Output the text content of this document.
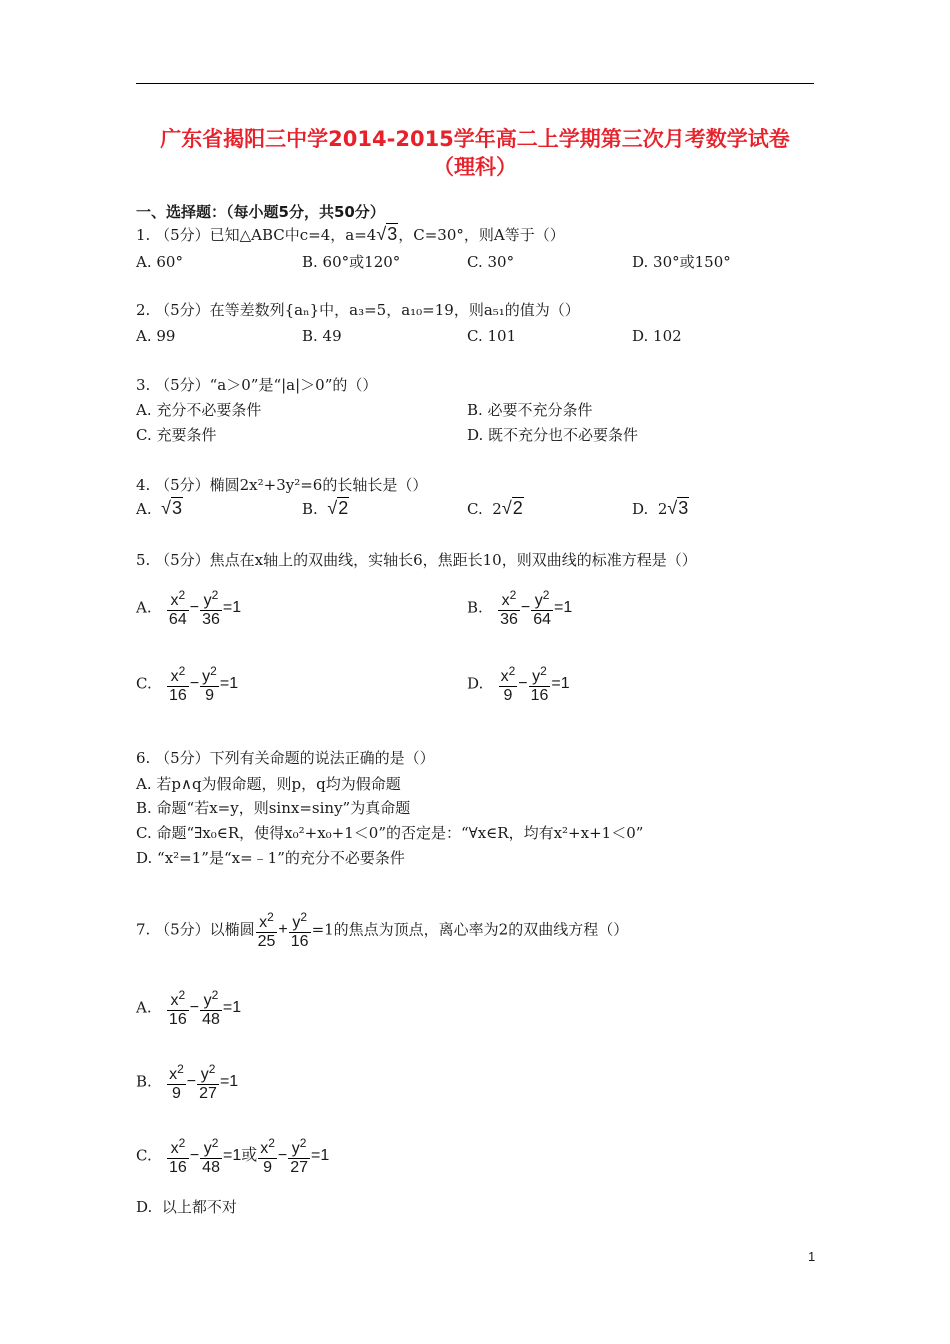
广东省揭阳三中学2014-2015学年高二上学期第三次月考数学试卷
（理科）
一、选择题：（每小题5分，共50分）
1. （5分）已知△ABC中c=4，a=4√3，C=30°，则A等于（）
A. 60°	B. 60°或120°	C. 30°	D. 30°或150°
2. （5分）在等差数列{aₙ}中，a₃=5，a₁₀=19，则a₅₁的值为（）
A. 99	B. 49	C. 101	D. 102
3. （5分）“a＞0”是“|a|＞0”的（）
A. 充分不必要条件	B. 必要不充分条件
C. 充要条件	D. 既不充分也不必要条件
4. （5分）椭圆2x²+3y²=6的长轴长是（）
A. √3	B. √2	C. 2√2	D. 2√3
5. （5分）焦点在x轴上的双曲线，实轴长6，焦距长10，则双曲线的标准方程是（）
A. $\frac{x^2}{64} - \frac{y^2}{36} =1$	B. $\frac{x^2}{36} - \frac{y^2}{64} =1$
C. $\frac{x^2}{16} - \frac{y^2}{9} =1$	D. $\frac{x^2}{9} - \frac{y^2}{16} =1$
6. （5分）下列有关命题的说法正确的是（）
A. 若p∧q为假命题，则p，q均为假命题
B. 命题“若x=y，则sinx=siny”为真命题
C. 命题“∃x₀∈R，使得x₀²+x₀+1＜0”的否定是：“∀x∈R，均有x²+x+1＜0”
D. “x²=1”是“x=﹣1”的充分不必要条件
7. （5分）以椭圆 $\frac{x^2}{25} + \frac{y^2}{16} =1$的焦点为顶点，离心率为2的双曲线方程（）
A. $\frac{x^2}{16} - \frac{y^2}{48} =1$
B. $\frac{x^2}{9} - \frac{y^2}{27} =1$
C. $\frac{x^2}{16} - \frac{y^2}{48} =1$或 $\frac{x^2}{9} - \frac{y^2}{27} =1$
D. 以上都不对
1
